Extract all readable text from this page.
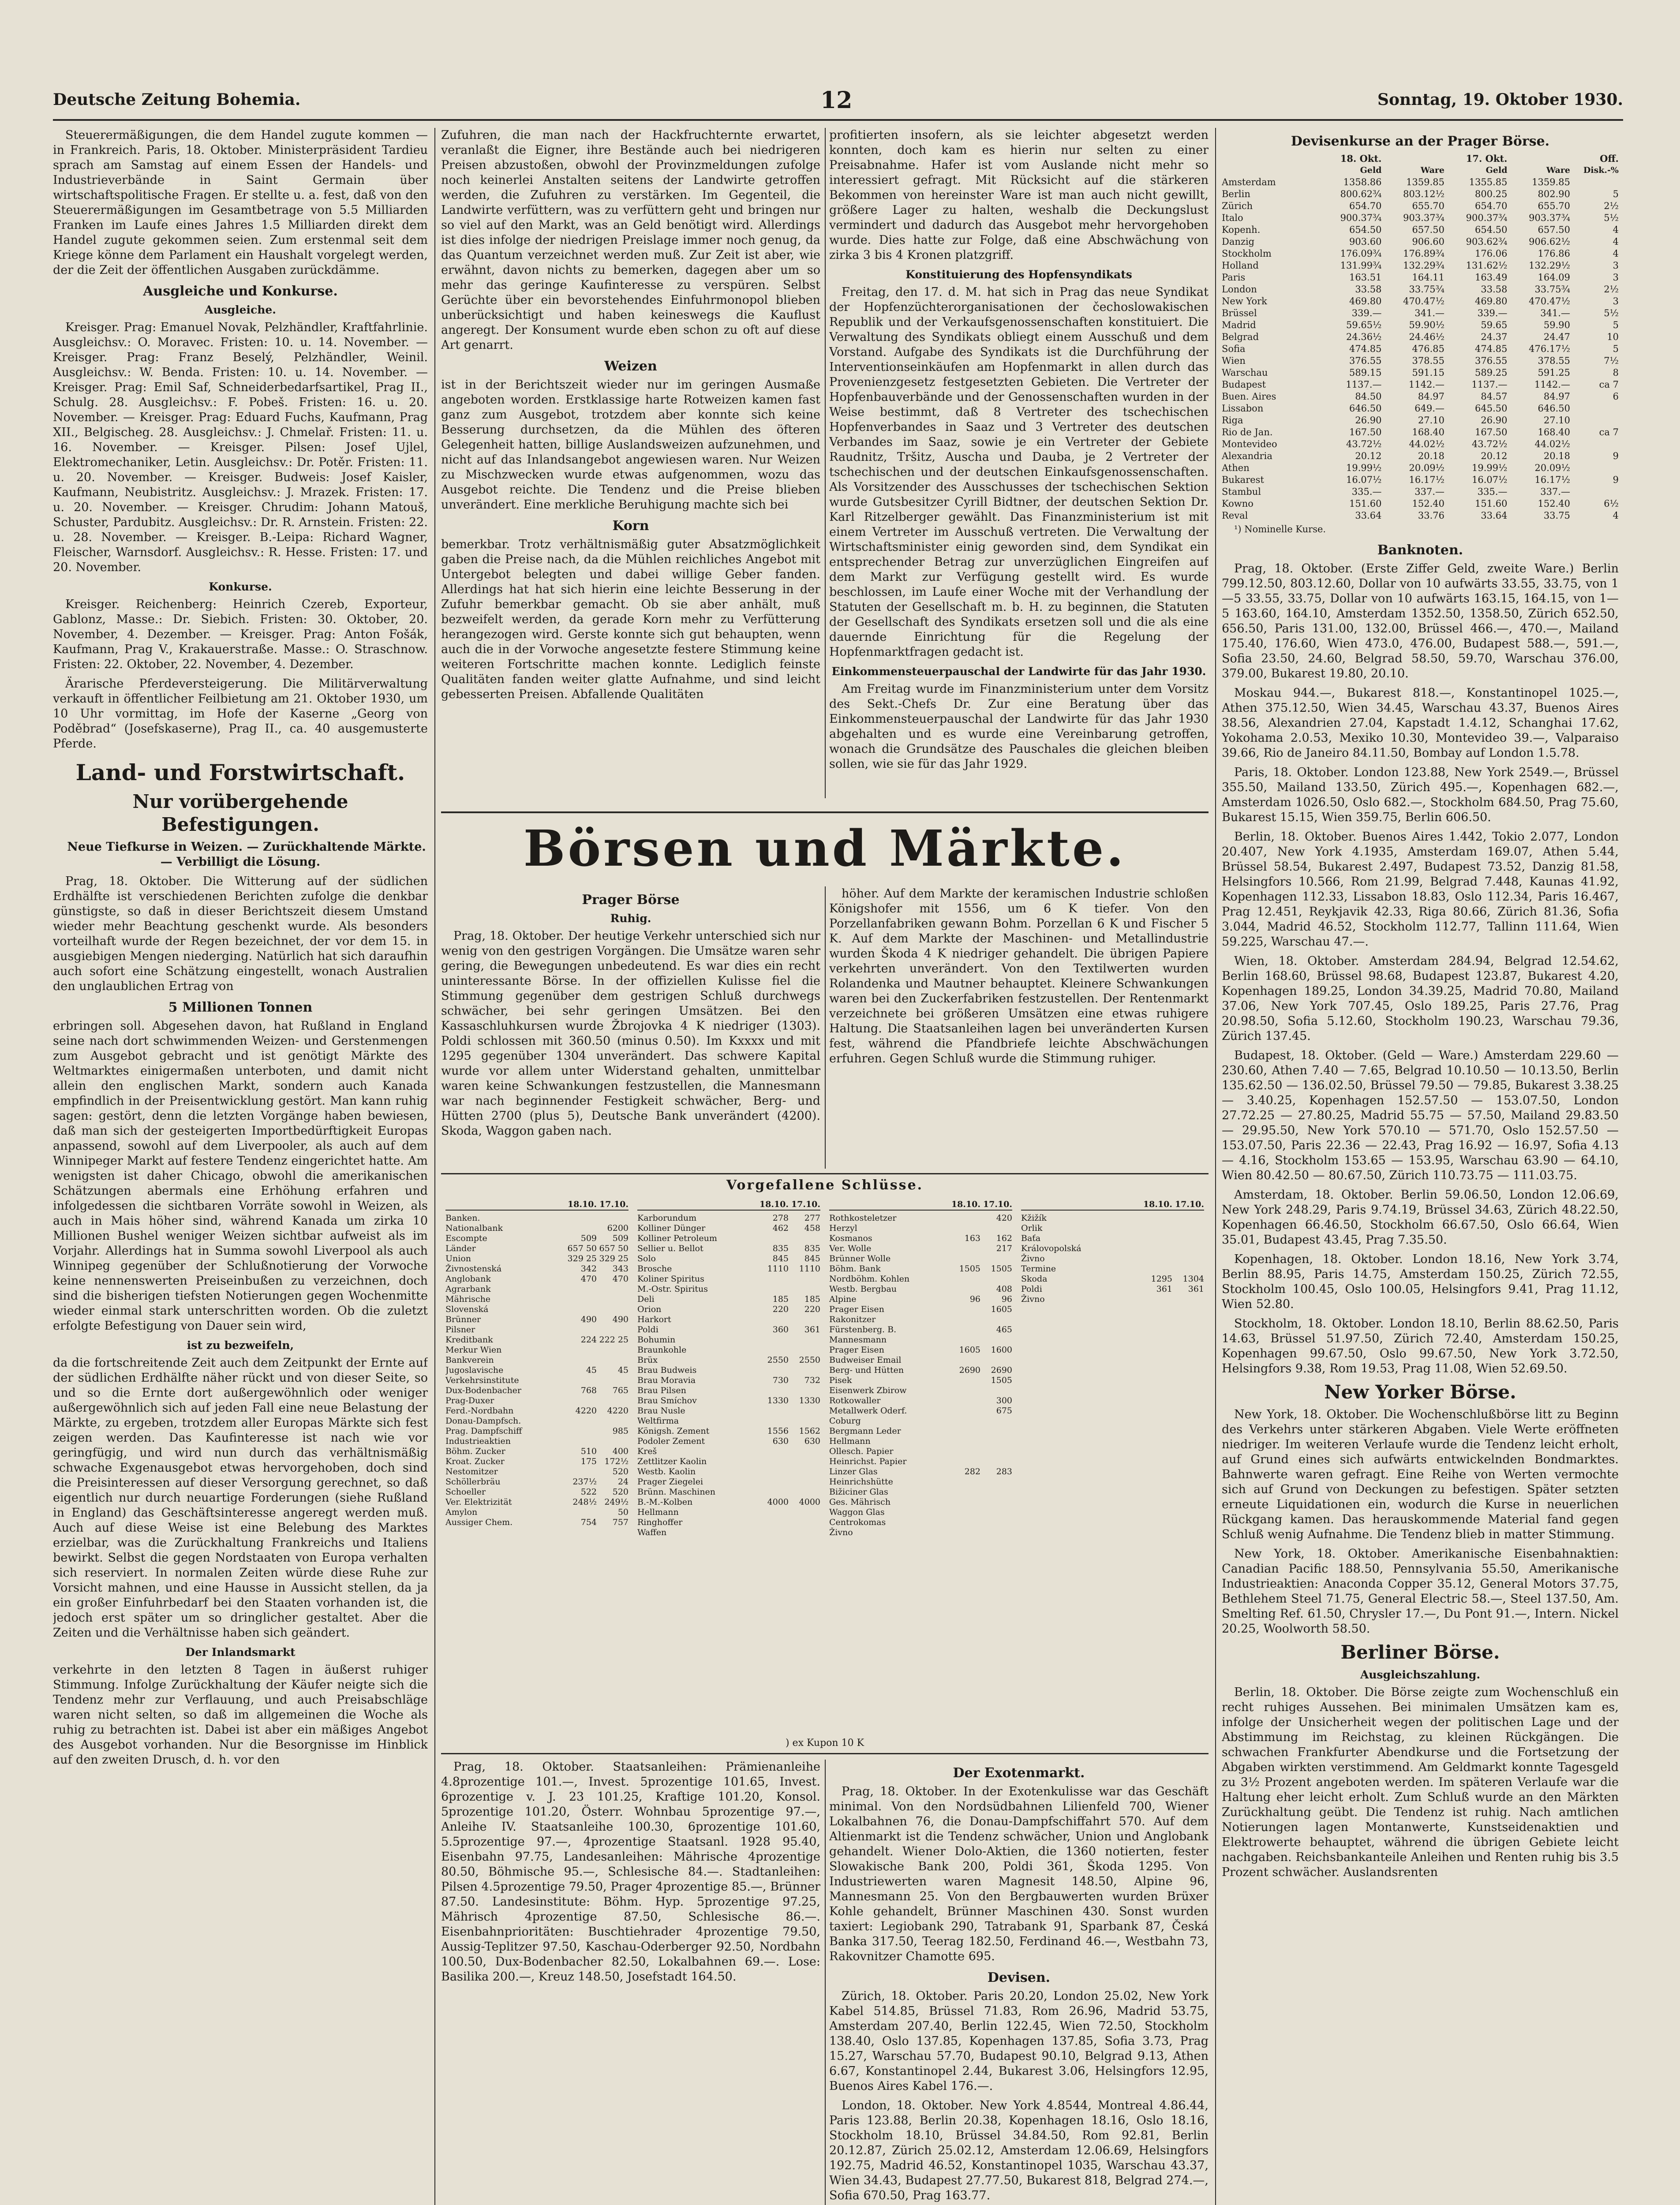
Deutsche Zeitung Bohemia.	12	Sonntag, 19. Oktober 1930.

Steuerermäßigungen, die dem Handel zugute kommen — in Frankreich. Paris, 18. Oktober. Ministerpräsident Tardieu sprach am Samstag auf einem Essen der Handels- und Industrieverbände in Saint Germain über wirtschaftspolitische Fragen. Er stellte u. a. fest, daß von den Steuerermäßigungen im Gesamtbetrage von 5.5 Milliarden Franken im Laufe eines Jahres 1.5 Milliarden direkt dem Handel zugute gekommen seien. Zum erstenmal seit dem Kriege könne dem Parlament ein Haushalt vorgelegt werden, der die Zeit der öffentlichen Ausgaben zurückdämme.

Ausgleiche und Konkurse.
Ausgleiche.

Kreisger. Prag: Emanuel Novak, Pelzhändler, Kraftfahrlinie. Ausgleichsv.: O. Moravec. Fristen: 10. u. 14. November. — Kreisger. Prag: Franz Beselý, Pelzhändler, Weinil. Ausgleichsv.: W. Benda. Fristen: 10. u. 14. November. — Kreisger. Prag: Emil Saf, Schneiderbedarfsartikel, Prag II., Schulg. 28. Ausgleichsv.: F. Pobeš. Fristen: 16. u. 20. November. — Kreisger. Prag: Eduard Fuchs, Kaufmann, Prag XII., Belgischeg. 28. Ausgleichsv.: J. Chmelař. Fristen: 11. u. 16. November. — Kreisger. Pilsen: Josef Ujlel, Elektromechaniker, Letin. Ausgleichsv.: Dr. Potěr. Fristen: 11. u. 20. November. — Kreisger. Budweis: Josef Kaisler, Kaufmann, Neubistritz. Ausgleichsv.: J. Mrazek. Fristen: 17. u. 20. November. — Kreisger. Chrudim: Johann Matouš, Schuster, Pardubitz. Ausgleichsv.: Dr. R. Arnstein. Fristen: 22. u. 28. November. — Kreisger. B.-Leipa: Richard Wagner, Fleischer, Warnsdorf. Ausgleichsv.: R. Hesse. Fristen: 17. und 20. November.

Konkurse.

Kreisger. Reichenberg: Heinrich Czereb, Exporteur, Gablonz, Masse.: Dr. Siebich. Fristen: 30. Oktober, 20. November, 4. Dezember. — Kreisger. Prag: Anton Fošák, Kaufmann, Prag V., Krakauerstraße. Masse.: O. Straschnow. Fristen: 22. Oktober, 22. November, 4. Dezember.

Ärarische Pferdeversteigerung. Die Militärverwaltung verkauft in öffentlicher Feilbietung am 21. Oktober 1930, um 10 Uhr vormittag, im Hofe der Kaserne „Georg von Poděbrad“ (Josefskaserne), Prag II., ca. 40 ausgemusterte Pferde.

Land- und Forstwirtschaft.
Nur vorübergehende Befestigungen.

Neue Tiefkurse in Weizen. — Zurückhaltende Märkte. — Verbilligt die Lösung.

Prag, 18. Oktober. Die Witterung auf der südlichen Erdhälfte ist verschiedenen Berichten zufolge die denkbar günstigste, so daß in dieser Berichtszeit diesem Umstand wieder mehr Beachtung geschenkt wurde. Als besonders vorteilhaft wurde der Regen bezeichnet, der vor dem 15. in ausgiebigen Mengen niederging. Natürlich hat sich daraufhin auch sofort eine Schätzung eingestellt, wonach Australien den unglaublichen Ertrag von

5 Millionen Tonnen

erbringen soll. Abgesehen davon, hat Rußland in England seine nach dort schwimmenden Weizen- und Gerstenmengen zum Ausgebot gebracht und ist genötigt Märkte des Weltmarktes einigermaßen unterboten, und damit nicht allein den englischen Markt, sondern auch Kanada empfindlich in der Preisentwicklung gestört. Man kann ruhig sagen: gestört, denn die letzten Vorgänge haben bewiesen, daß man sich der gesteigerten Importbedürftigkeit Europas anpassend, sowohl auf dem Liverpooler, als auch auf dem Winnipeger Markt auf festere Tendenz eingerichtet hatte. Am wenigsten ist daher Chicago, obwohl die amerikanischen Schätzungen abermals eine Erhöhung erfahren und infolgedessen die sichtbaren Vorräte sowohl in Weizen, als auch in Mais höher sind, während Kanada um zirka 10 Millionen Bushel weniger Weizen sichtbar aufweist als im Vorjahr. Allerdings hat in Summa sowohl Liverpool als auch Winnipeg gegenüber der Schlußnotierung der Vorwoche keine nennenswerten Preiseinbußen zu verzeichnen, doch sind die bisherigen tiefsten Notierungen gegen Wochenmitte wieder einmal stark unterschritten worden. Ob die zuletzt erfolgte Befestigung von Dauer sein wird,

ist zu bezweifeln,

da die fortschreitende Zeit auch dem Zeitpunkt der Ernte auf der südlichen Erdhälfte näher rückt und von dieser Seite, so und so die Ernte dort außergewöhnlich oder weniger außergewöhnlich sich auf jeden Fall eine neue Belastung der Märkte, zu ergeben, trotzdem aller Europas Märkte sich fest zeigen werden. Das Kaufinteresse ist nach wie vor geringfügig, und wird nun durch das verhältnismäßig schwache Exgenausgebot etwas hervorgehoben, doch sind die Preisinteressen auf dieser Versorgung gerechnet, so daß eigentlich nur durch neuartige Forderungen (siehe Rußland in England) das Geschäftsinteresse angeregt werden muß. Auch auf diese Weise ist eine Belebung des Marktes erzielbar, was die Zurückhaltung Frankreichs und Italiens bewirkt. Selbst die gegen Nordstaaten von Europa verhalten sich reserviert. In normalen Zeiten würde diese Ruhe zur Vorsicht mahnen, und eine Hausse in Aussicht stellen, da ja ein großer Einfuhrbedarf bei den Staaten vorhanden ist, die jedoch erst später um so dringlicher gestaltet. Aber die Zeiten und die Verhältnisse haben sich geändert.

Der Inlandsmarkt

verkehrte in den letzten 8 Tagen in äußerst ruhiger Stimmung. Infolge Zurückhaltung der Käufer neigte sich die Tendenz mehr zur Verflauung, und auch Preisabschläge waren nicht selten, so daß im allgemeinen die Woche als ruhig zu betrachten ist. Dabei ist aber ein mäßiges Angebot des Ausgebot vorhanden. Nur die Besorgnisse im Hinblick auf den zweiten Drusch, d. h. vor den

Zufuhren, die man nach der Hackfruchternte erwartet, veranlaßt die Eigner, ihre Bestände auch bei niedrigeren Preisen abzustoßen, obwohl der Provinzmeldungen zufolge noch keinerlei Anstalten seitens der Landwirte getroffen werden, die Zufuhren zu verstärken. Im Gegenteil, die Landwirte verfüttern, was zu verfüttern geht und bringen nur so viel auf den Markt, was an Geld benötigt wird. Allerdings ist dies infolge der niedrigen Preislage immer noch genug, da das Quantum verzeichnet werden muß. Zur Zeit ist aber, wie erwähnt, davon nichts zu bemerken, dagegen aber um so mehr das geringe Kaufinteresse zu verspüren. Selbst Gerüchte über ein bevorstehendes Einfuhrmonopol blieben unberücksichtigt und haben keineswegs die Kauflust angeregt. Der Konsument wurde eben schon zu oft auf diese Art genarrt.

Weizen

ist in der Berichtszeit wieder nur im geringen Ausmaße angeboten worden. Erstklassige harte Rotweizen kamen fast ganz zum Ausgebot, trotzdem aber konnte sich keine Besserung durchsetzen, da die Mühlen des öfteren Gelegenheit hatten, billige Auslandsweizen aufzunehmen, und nicht auf das Inlandsangebot angewiesen waren. Nur Weizen zu Mischzwecken wurde etwas aufgenommen, wozu das Ausgebot reichte. Die Tendenz und die Preise blieben unverändert. Eine merkliche Beruhigung machte sich bei

Korn

bemerkbar. Trotz verhältnismäßig guter Absatzmöglichkeit gaben die Preise nach, da die Mühlen reichliches Angebot mit Untergebot belegten und dabei willige Geber fanden. Allerdings hat hat sich hierin eine leichte Besserung in der Zufuhr bemerkbar gemacht. Ob sie aber anhält, muß bezweifelt werden, da gerade Korn mehr zu Verfütterung herangezogen wird. Gerste konnte sich gut behaupten, wenn auch die in der Vorwoche angesetzte festere Stimmung keine weiteren Fortschritte machen konnte. Lediglich feinste Qualitäten fanden weiter glatte Aufnahme, und sind leicht gebesserten Preisen. Abfallende Qualitäten

profitierten insofern, als sie leichter abgesetzt werden konnten, doch kam es hierin nur selten zu einer Preisabnahme. Hafer ist vom Auslande nicht mehr so interessiert gefragt. Mit Rücksicht auf die stärkeren Bekommen von hereinster Ware ist man auch nicht gewillt, größere Lager zu halten, weshalb die Deckungslust vermindert und dadurch das Ausgebot mehr hervorgehoben wurde. Dies hatte zur Folge, daß eine Abschwächung von zirka 3 bis 4 Kronen platzgriff.

Konstituierung des Hopfensyndikats

Freitag, den 17. d. M. hat sich in Prag das neue Syndikat der Hopfenzüchterorganisationen der čechoslowakischen Republik und der Verkaufsgenossenschaften konstituiert. Die Verwaltung des Syndikats obliegt einem Ausschuß und dem Vorstand. Aufgabe des Syndikats ist die Durchführung der Interventionseinkäufen am Hopfenmarkt in allen durch das Provenienzgesetz festgesetzten Gebieten. Die Vertreter der Hopfenbauverbände und der Genossenschaften wurden in der Weise bestimmt, daß 8 Vertreter des tschechischen Hopfenverbandes in Saaz und 3 Vertreter des deutschen Verbandes im Saaz, sowie je ein Vertreter der Gebiete Raudnitz, Tršitz, Auscha und Dauba, je 2 Vertreter der tschechischen und der deutschen Einkaufsgenossenschaften. Als Vorsitzender des Ausschusses der tschechischen Sektion wurde Gutsbesitzer Cyrill Bidtner, der deutschen Sektion Dr. Karl Ritzelberger gewählt. Das Finanzministerium ist mit einem Vertreter im Ausschuß vertreten. Die Verwaltung der Wirtschaftsminister einig geworden sind, dem Syndikat ein entsprechender Betrag zur unverzüglichen Eingreifen auf dem Markt zur Verfügung gestellt wird. Es wurde beschlossen, im Laufe einer Woche mit der Verhandlung der Statuten der Gesellschaft m. b. H. zu beginnen, die Statuten der Gesellschaft des Syndikats ersetzen soll und die als eine dauernde Einrichtung für die Regelung der Hopfenmarktfragen gedacht ist.

Einkommensteuerpauschal der Landwirte für das Jahr 1930.

Am Freitag wurde im Finanzministerium unter dem Vorsitz des Sekt.-Chefs Dr. Zur eine Beratung über das Einkommensteuerpauschal der Landwirte für das Jahr 1930 abgehalten und es wurde eine Vereinbarung getroffen, wonach die Grundsätze des Pauschales die gleichen bleiben sollen, wie sie für das Jahr 1929.

Börsen und Märkte.
Prager Börse
Ruhig.

Prag, 18. Oktober. Der heutige Verkehr unterschied sich nur wenig von den gestrigen Vorgängen. Die Umsätze waren sehr gering, die Bewegungen unbedeutend. Es war dies ein recht uninteressante Börse. In der offiziellen Kulisse fiel die Stimmung gegenüber dem gestrigen Schluß durchwegs schwächer, bei sehr geringen Umsätzen. Bei den Kassaschluhkursen wurde Žbrojovka 4 K niedriger (1303). Poldi schlossen mit 360.50 (minus 0.50). Im Kxxxx und mit 1295 gegenüber 1304 unverändert. Das schwere Kapital wurde vor allem unter Widerstand gehalten, unmittelbar waren keine Schwankungen festzustellen, die Mannesmann war nach beginnender Festigkeit schwächer, Berg- und Hütten 2700 (plus 5), Deutsche Bank unverändert (4200). Skoda, Waggon gaben nach.

höher. Auf dem Markte der keramischen Industrie schloßen Königshofer mit 1556, um 6 K tiefer. Von den Porzellanfabriken gewann Bohm. Porzellan 6 K und Fischer 5 K. Auf dem Markte der Maschinen- und Metallindustrie wurden Škoda 4 K niedriger gehandelt. Die übrigen Papiere verkehrten unverändert. Von den Textilwerten wurden Rolandenka und Mautner behauptet. Kleinere Schwankungen waren bei den Zuckerfabriken festzustellen. Der Rentenmarkt verzeichnete bei größeren Umsätzen eine etwas ruhigere Haltung. Die Staatsanleihen lagen bei unveränderten Kursen fest, während die Pfandbriefe leichte Abschwächungen erfuhren. Gegen Schluß wurde die Stimmung ruhiger.

Vorgefallene Schlüsse.
18.10. 17.10.
Banken.
Nationalbank	6200
Escompte	509	509
Länder	657 50 657 50
Union	329 25 329 25
Živnostenská	342	343
Anglobank	470	470
Agrarbank
Mährische
Slovenská
Brünner	490	490
Pilsner
Kreditbank	224 222 25
Merkur Wien
Bankverein
Jugoslavische	45	45
Verkehrsinstitute
Dux-Bodenbacher	768	765
Prag-Duxer
Ferd.-Nordbahn	4220	4220
Donau-Dampfsch.
Prag. Dampfschiff	985
Industrieaktien
Böhm. Zucker	510	400
Kroat. Zucker	175 172½
Nestomitzer	520
Schöllerbräu	237½	24
Schoeller	522	520
Ver. Elektrizität	248½ 249½
Amylon	50
Aussiger Chem.	754	757
18.10. 17.10.
Karborundum	278	277
Kolliner Dünger	462	458
Kolliner Petroleum
Sellier u. Bellot	835	835
Solo	845	845
Brosche	1110	1110
Koliner Spiritus
M.-Ostr. Spiritus
Deli	185	185
Orion	220	220
Harkort
Poldi	360	361
Bohumin
Braunkohle
Brüx	2550	2550
Brau Budweis
Brau Moravia	730	732
Brau Pilsen
Brau Smíchov	1330	1330
Brau Nusle
Weltfirma
Königsh. Zement	1556	1562
Podoler Zement	630	630
Kreš
Zettlitzer Kaolin
Westb. Kaolin
Prager Ziegelei
Brünn. Maschinen
B.-M.-Kolben	4000	4000
Hellmann
Ringhoffer
Waffen
18.10. 17.10.
Rothkosteletzer	420
Herzyl
Kosmanos	163	162
Ver. Wolle	217
Brünner Wolle
Böhm. Bank	1505	1505
Nordböhm. Kohlen
Westb. Bergbau	408
Alpine	96	96
Prager Eisen	1605
Rakonitzer
Fürstenberg. B.	465
Mannesmann
Prager Eisen	1605	1600
Budweiser Email
Berg- und Hütten	2690	2690
Pisek	1505
Eisenwerk Zbirow
Rotkowaller	300
Metallwerk Oderf.	675
Coburg
Bergmann Leder
Hellmann
Ollesch. Papier
Heinrichst. Papier
Linzer Glas	282	283
Heinrichshütte
Bižiciner Glas
Ges. Mährisch
Waggon Glas
Centrokomas
Živno
18.10. 17.10.
Kžižík
Orlik
Baťa
Královopolská
Živno
Termine
Skoda	1295	1304
Poldi	361	361
Živno
) ex Kupon 10 K

Prag, 18. Oktober. Staatsanleihen: Prämienanleihe 4.8prozentige 101.—, Invest. 5prozentige 101.65, Invest. 6prozentige v. J. 23 101.25, Kraftige 101.20, Konsol. 5prozentige 101.20, Österr. Wohnbau 5prozentige 97.—, Anleihe IV. Staatsanleihe 100.30, 6prozentige 101.60, 5.5prozentige 97.—, 4prozentige Staatsanl. 1928 95.40, Eisenbahn 97.75, Landesanleihen: Mährische 4prozentige 80.50, Böhmische 95.—, Schlesische 84.—. Stadtanleihen: Pilsen 4.5prozentige 79.50, Prager 4prozentige 85.—, Brünner 87.50. Landesinstitute: Böhm. Hyp. 5prozentige 97.25, Mährisch 4prozentige 87.50, Schlesische 86.—. Eisenbahnprioritäten: Buschtiehrader 4prozentige 79.50, Aussig-Teplitzer 97.50, Kaschau-Oderberger 92.50, Nordbahn 100.50, Dux-Bodenbacher 82.50, Lokalbahnen 69.—. Lose: Basilika 200.—, Kreuz 148.50, Josefstadt 164.50.

Der Exotenmarkt.

Prag, 18. Oktober. In der Exotenkulisse war das Geschäft minimal. Von den Nordsüdbahnen Lilienfeld 700, Wiener Lokalbahnen 76, die Donau-Dampfschiffahrt 570. Auf dem Altienmarkt ist die Tendenz schwächer, Union und Anglobank gehandelt. Wiener Dolo-Aktien, die 1360 notierten, fester Slowakische Bank 200, Poldi 361, Škoda 1295. Von Industriewerten waren Magnesit 148.50, Alpine 96, Mannesmann 25. Von den Bergbauwerten wurden Brüxer Kohle gehandelt, Brünner Maschinen 430. Sonst wurden taxiert: Legiobank 290, Tatrabank 91, Sparbank 87, Česká Banka 317.50, Teerag 182.50, Ferdinand 46.—, Westbahn 73, Rakovnitzer Chamotte 695.

Devisen.

Zürich, 18. Oktober. Paris 20.20, London 25.02, New York Kabel 514.85, Brüssel 71.83, Rom 26.96, Madrid 53.75, Amsterdam 207.40, Berlin 122.45, Wien 72.50, Stockholm 138.40, Oslo 137.85, Kopenhagen 137.85, Sofia 3.73, Prag 15.27, Warschau 57.70, Budapest 90.10, Belgrad 9.13, Athen 6.67, Konstantinopel 2.44, Bukarest 3.06, Helsingfors 12.95, Buenos Aires Kabel 176.—.

London, 18. Oktober. New York 4.8544, Montreal 4.86.44, Paris 123.88, Berlin 20.38, Kopenhagen 18.16, Oslo 18.16, Stockholm 18.10, Brüssel 34.84.50, Rom 92.81, Berlin 20.12.87, Zürich 25.02.12, Amsterdam 12.06.69, Helsingfors 192.75, Madrid 46.52, Konstantinopel 1035, Warschau 43.37, Wien 34.43, Budapest 27.77.50, Bukarest 818, Belgrad 274.—, Sofia 670.50, Prag 163.77.

Devisenkurse an der Prager Börse.
18. Okt.	17. Okt.	Off.
Geld	Ware	Geld	Ware	Disk.-%
Amsterdam	1358.86	1359.85	1355.85	1359.85
Berlin	800.62¾	803.12½	800.25	802.90	5
Zürich	654.70	655.70	654.70	655.70	2½
Italo	900.37¾	903.37¾	900.37¾	903.37¾	5½
Kopenh.	654.50	657.50	654.50	657.50	4
Danzig	903.60	906.60	903.62¾	906.62½	4
Stockholm	176.09¾	176.89¾	176.06	176.86	4
Holland	131.99¾	132.29¾	131.62½	132.29½	3
Paris	163.51	164.11	163.49	164.09	3
London	33.58	33.75¾	33.58	33.75¾	2½
New York	469.80	470.47½	469.80	470.47½	3
Brüssel	339.—	341.—	339.—	341.—	5½
Madrid	59.65½	59.90½	59.65	59.90	5
Belgrad	24.36½	24.46½	24.37	24.47	10
Sofia	474.85	476.85	474.85	476.17½	5
Wien	376.55	378.55	376.55	378.55	7½
Warschau	589.15	591.15	589.25	591.25	8
Budapest	1137.—	1142.—	1137.—	1142.—	ca 7
Buen. Aires	84.50	84.97	84.57	84.97	6
Lissabon	646.50	649.—	645.50	646.50
Riga	26.90	27.10	26.90	27.10
Rio de Jan.	167.50	168.40	167.50	168.40	ca 7
Montevideo	43.72½	44.02½	43.72½	44.02½
Alexandria	20.12	20.18	20.12	20.18	9
Athen	19.99½	20.09½	19.99½	20.09½
Bukarest	16.07½	16.17½	16.07½	16.17½	9
Stambul	335.—	337.—	335.—	337.—
Kowno	151.60	152.40	151.60	152.40	6½
Reval	33.64	33.76	33.64	33.75	4

¹) Nominelle Kurse.

Banknoten.

Prag, 18. Oktober. (Erste Ziffer Geld, zweite Ware.) Berlin 799.12.50, 803.12.60, Dollar von 10 aufwärts 33.55, 33.75, von 1—5 33.55, 33.75, Dollar von 10 aufwärts 163.15, 164.15, von 1—5 163.60, 164.10, Amsterdam 1352.50, 1358.50, Zürich 652.50, 656.50, Paris 131.00, 132.00, Brüssel 466.—, 470.—, Mailand 175.40, 176.60, Wien 473.0, 476.00, Budapest 588.—, 591.—, Sofia 23.50, 24.60, Belgrad 58.50, 59.70, Warschau 376.00, 379.00, Bukarest 19.80, 20.10.

Moskau 944.—, Bukarest 818.—, Konstantinopel 1025.—, Athen 375.12.50, Wien 34.45, Warschau 43.37, Buenos Aires 38.56, Alexandrien 27.04, Kapstadt 1.4.12, Schanghai 17.62, Yokohama 2.0.53, Mexiko 10.30, Montevideo 39.—, Valparaiso 39.66, Rio de Janeiro 84.11.50, Bombay auf London 1.5.78.

Paris, 18. Oktober. London 123.88, New York 2549.—, Brüssel 355.50, Mailand 133.50, Zürich 495.—, Kopenhagen 682.—, Amsterdam 1026.50, Oslo 682.—, Stockholm 684.50, Prag 75.60, Bukarest 15.15, Wien 359.75, Berlin 606.50.

Berlin, 18. Oktober. Buenos Aires 1.442, Tokio 2.077, London 20.407, New York 4.1935, Amsterdam 169.07, Athen 5.44, Brüssel 58.54, Bukarest 2.497, Budapest 73.52, Danzig 81.58, Helsingfors 10.566, Rom 21.99, Belgrad 7.448, Kaunas 41.92, Kopenhagen 112.33, Lissabon 18.83, Oslo 112.34, Paris 16.467, Prag 12.451, Reykjavik 42.33, Riga 80.66, Zürich 81.36, Sofia 3.044, Madrid 46.52, Stockholm 112.77, Tallinn 111.64, Wien 59.225, Warschau 47.—.

Wien, 18. Oktober. Amsterdam 284.94, Belgrad 12.54.62, Berlin 168.60, Brüssel 98.68, Budapest 123.87, Bukarest 4.20, Kopenhagen 189.25, London 34.39.25, Madrid 70.80, Mailand 37.06, New York 707.45, Oslo 189.25, Paris 27.76, Prag 20.98.50, Sofia 5.12.60, Stockholm 190.23, Warschau 79.36, Zürich 137.45.

Budapest, 18. Oktober. (Geld — Ware.) Amsterdam 229.60 — 230.60, Athen 7.40 — 7.65, Belgrad 10.10.50 — 10.13.50, Berlin 135.62.50 — 136.02.50, Brüssel 79.50 — 79.85, Bukarest 3.38.25 — 3.40.25, Kopenhagen 152.57.50 — 153.07.50, London 27.72.25 — 27.80.25, Madrid 55.75 — 57.50, Mailand 29.83.50 — 29.95.50, New York 570.10 — 571.70, Oslo 152.57.50 — 153.07.50, Paris 22.36 — 22.43, Prag 16.92 — 16.97, Sofia 4.13 — 4.16, Stockholm 153.65 — 153.95, Warschau 63.90 — 64.10, Wien 80.42.50 — 80.67.50, Zürich 110.73.75 — 111.03.75.

Amsterdam, 18. Oktober. Berlin 59.06.50, London 12.06.69, New York 248.29, Paris 9.74.19, Brüssel 34.63, Zürich 48.22.50, Kopenhagen 66.46.50, Stockholm 66.67.50, Oslo 66.64, Wien 35.01, Budapest 43.45, Prag 7.35.50.

Kopenhagen, 18. Oktober. London 18.16, New York 3.74, Berlin 88.95, Paris 14.75, Amsterdam 150.25, Zürich 72.55, Stockholm 100.45, Oslo 100.05, Helsingfors 9.41, Prag 11.12, Wien 52.80.

Stockholm, 18. Oktober. London 18.10, Berlin 88.62.50, Paris 14.63, Brüssel 51.97.50, Zürich 72.40, Amsterdam 150.25, Kopenhagen 99.67.50, Oslo 99.67.50, New York 3.72.50, Helsingfors 9.38, Rom 19.53, Prag 11.08, Wien 52.69.50.

New Yorker Börse.

New York, 18. Oktober. Die Wochenschlußbörse litt zu Beginn des Verkehrs unter stärkeren Abgaben. Viele Werte eröffneten niedriger. Im weiteren Verlaufe wurde die Tendenz leicht erholt, auf Grund eines sich aufwärts entwickelnden Bondmarktes. Bahnwerte waren gefragt. Eine Reihe von Werten vermochte sich auf Grund von Deckungen zu befestigen. Später setzten erneute Liquidationen ein, wodurch die Kurse in neuerlichen Rückgang kamen. Das herauskommende Material fand gegen Schluß wenig Aufnahme. Die Tendenz blieb in matter Stimmung.

New York, 18. Oktober. Amerikanische Eisenbahnaktien: Canadian Pacific 188.50, Pennsylvania 55.50, Amerikanische Industrieaktien: Anaconda Copper 35.12, General Motors 37.75, Bethlehem Steel 71.75, General Electric 58.—, Steel 137.50, Am. Smelting Ref. 61.50, Chrysler 17.—, Du Pont 91.—, Intern. Nickel 20.25, Woolworth 58.50.

Berliner Börse.
Ausgleichszahlung.

Berlin, 18. Oktober. Die Börse zeigte zum Wochenschluß ein recht ruhiges Aussehen. Bei minimalen Umsätzen kam es, infolge der Unsicherheit wegen der politischen Lage und der Abstimmung im Reichstag, zu kleinen Rückgängen. Die schwachen Frankfurter Abendkurse und die Fortsetzung der Abgaben wirkten verstimmend. Am Geldmarkt konnte Tagesgeld zu 3½ Prozent angeboten werden. Im späteren Verlaufe war die Haltung eher leicht erholt. Zum Schluß wurde an den Märkten Zurückhaltung geübt. Die Tendenz ist ruhig. Nach amtlichen Notierungen lagen Montanwerte, Kunstseidenaktien und Elektrowerte behauptet, während die übrigen Gebiete leicht nachgaben. Reichsbankanteile Anleihen und Renten ruhig bis 3.5 Prozent schwächer. Auslandsrenten
